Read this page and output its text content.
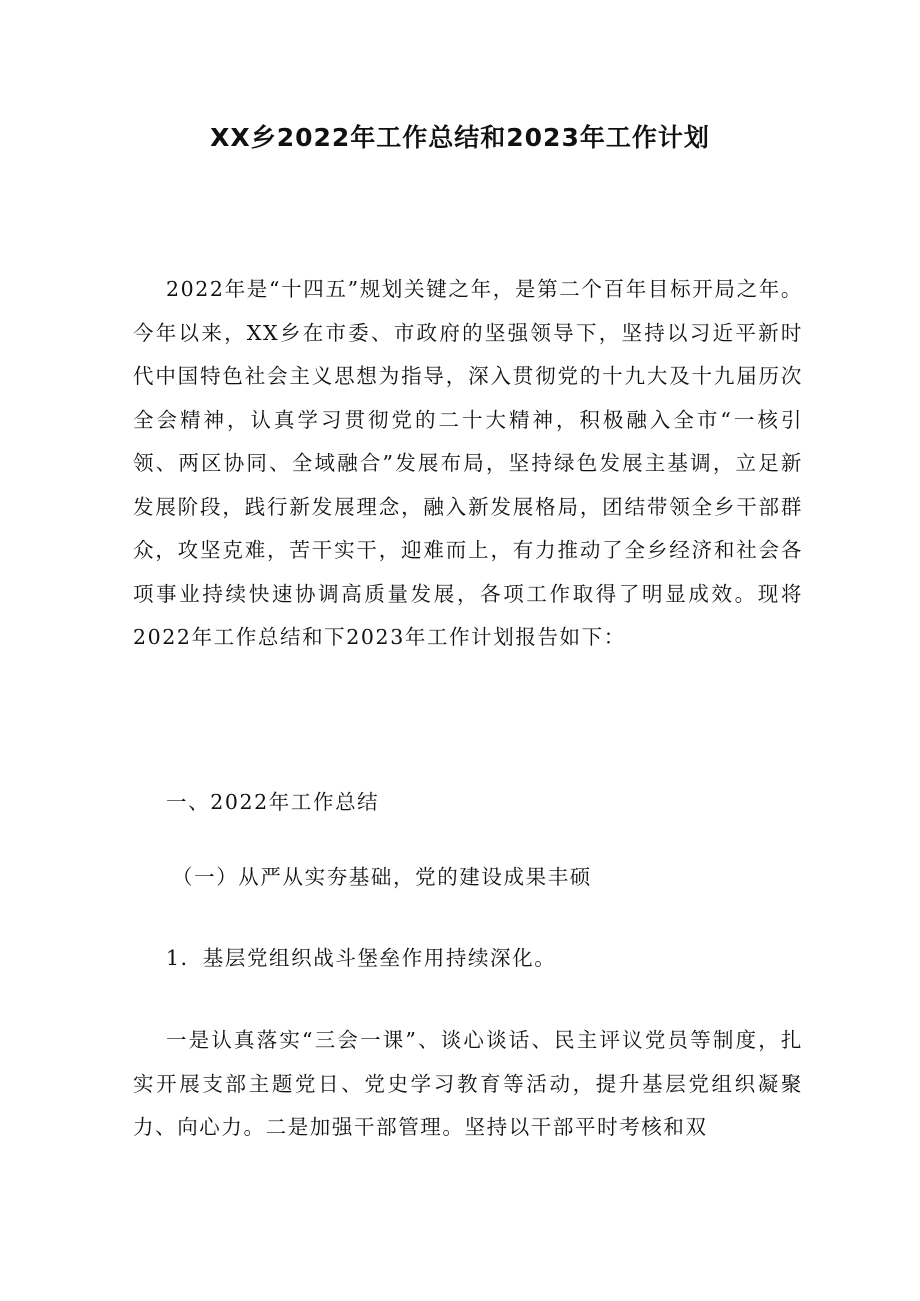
XX乡2022年工作总结和2023年工作计划

2022年是“十四五”规划关键之年，是第二个百年目标开局之年。今年以来，XX乡在市委、市政府的坚强领导下，坚持以习近平新时代中国特色社会主义思想为指导，深入贯彻党的十九大及十九届历次全会精神，认真学习贯彻党的二十大精神，积极融入全市“一核引领、两区协同、全域融合”发展布局，坚持绿色发展主基调，立足新发展阶段，践行新发展理念，融入新发展格局，团结带领全乡干部群众，攻坚克难，苦干实干，迎难而上，有力推动了全乡经济和社会各项事业持续快速协调高质量发展，各项工作取得了明显成效。现将2022年工作总结和下2023年工作计划报告如下：

一、2022年工作总结

（一）从严从实夯基础，党的建设成果丰硕

1．基层党组织战斗堡垒作用持续深化。

一是认真落实“三会一课”、谈心谈话、民主评议党员等制度，扎实开展支部主题党日、党史学习教育等活动，提升基层党组织凝聚力、向心力。二是加强干部管理。坚持以干部平时考核和双
